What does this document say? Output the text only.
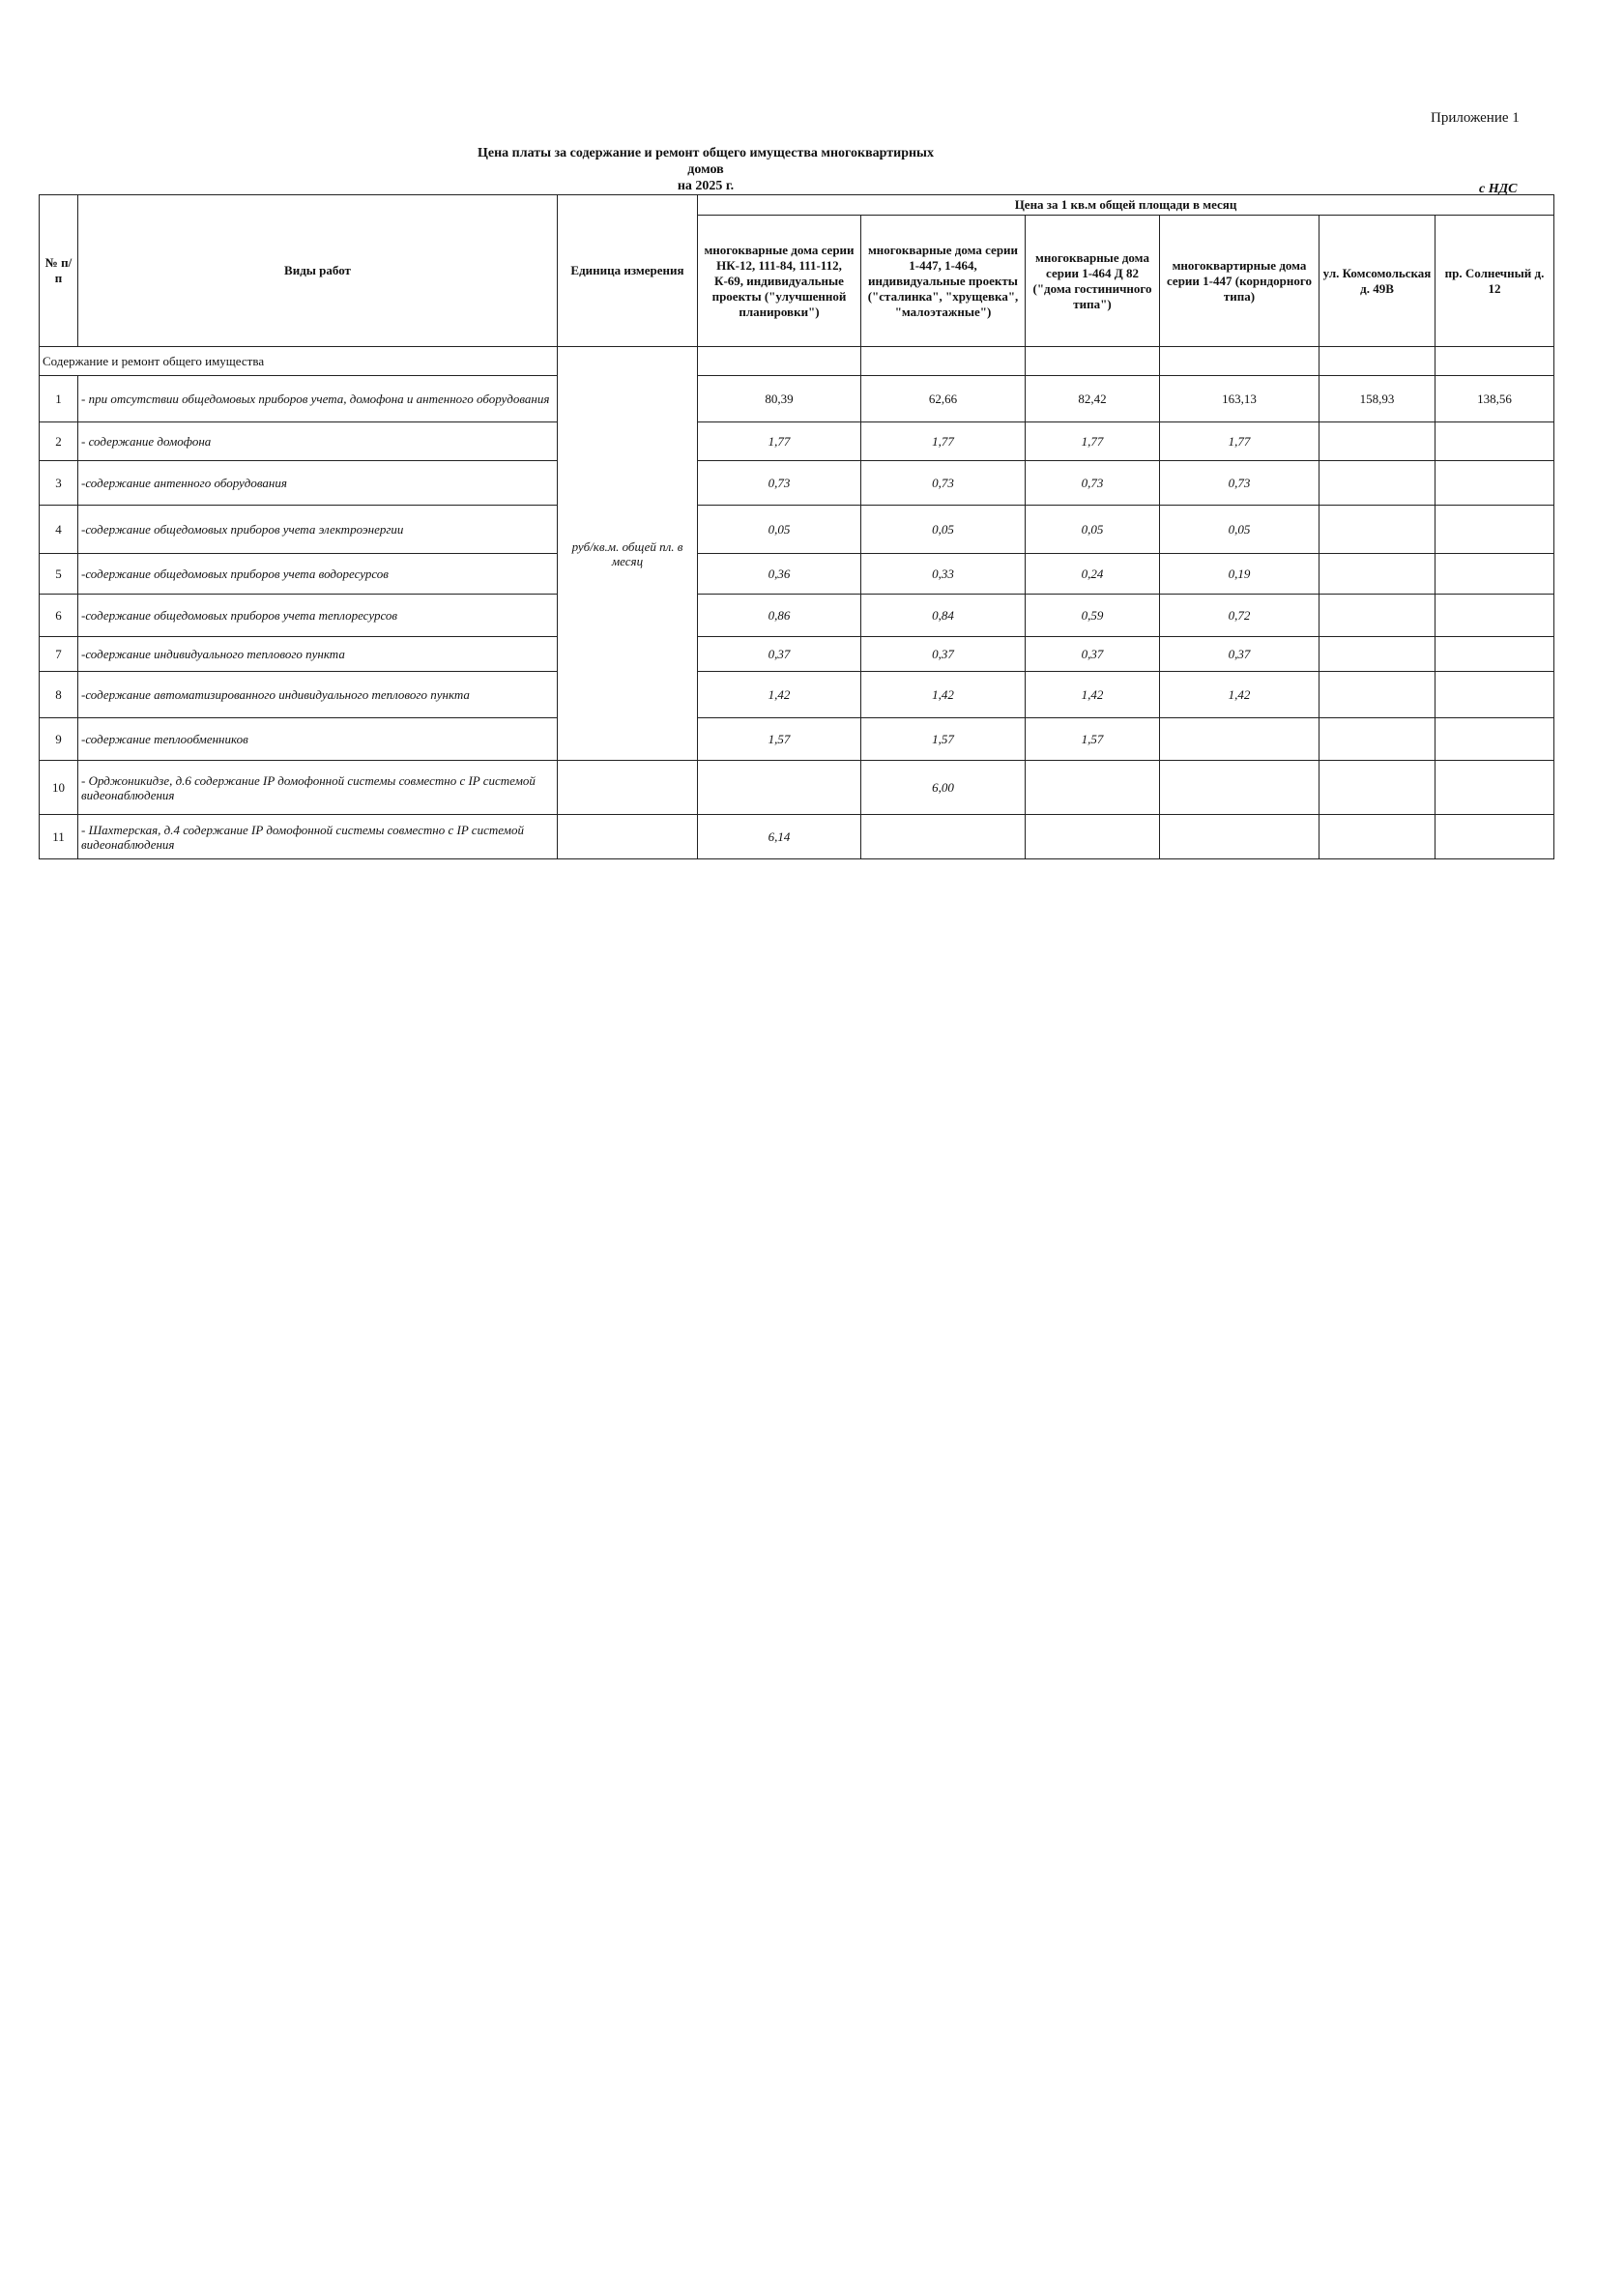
Приложение 1
Цена платы за содержание и ремонт общего имущества многоквартирных домов
на 2025 г.	с НДС
№ п/п	Виды работ	Единица измерения	Цена за 1 кв.м общей площади в месяц					
			многокварные дома серии НК-12, 111-84, 111-112, К-69, индивидуальные проекты ("улучшенной планировки")	многокварные дома серии 1-447, 1-464, индивидуальные проекты ("сталинка", "хрущевка", "малоэтажные")	многокварные дома серии 1-464 Д 82 ("дома гостиничного типа")	многоквартирные дома серии 1-447 (корндорного типа)	ул. Комсомольская д. 49В	пр. Солнечный д. 12
Содержание и ремонт общего имущества		руб/кв.м. общей пл. в месяц						
1	- при отсутствии общедомовых приборов учета, домофона и антенного оборудования		80,39	62,66	82,42	163,13	158,93	138,56
2	- содержание домофона		1,77	1,77	1,77	1,77		
3	-содержание антенного оборудования		0,73	0,73	0,73	0,73		
4	-содержание общедомовых приборов учета электроэнергии		0,05	0,05	0,05	0,05		
5	-содержание общедомовых приборов учета водоресурсов		0,36	0,33	0,24	0,19		
6	-содержание общедомовых приборов учета теплоресурсов		0,86	0,84	0,59	0,72		
7	-содержание индивидуального теплового пункта		0,37	0,37	0,37	0,37		
8	-содержание автоматизированного индивидуального теплового пункта		1,42	1,42	1,42	1,42		
9	-содержание теплообменников		1,57	1,57	1,57			
10	- Орджоникидзе, д.6 содержание IP домофонной системы совместно с IP системой видеонаблюдения			6,00				
11	- Шахтерская, д.4 содержание IP домофонной системы совместно с IP системой видеонаблюдения		6,14					
